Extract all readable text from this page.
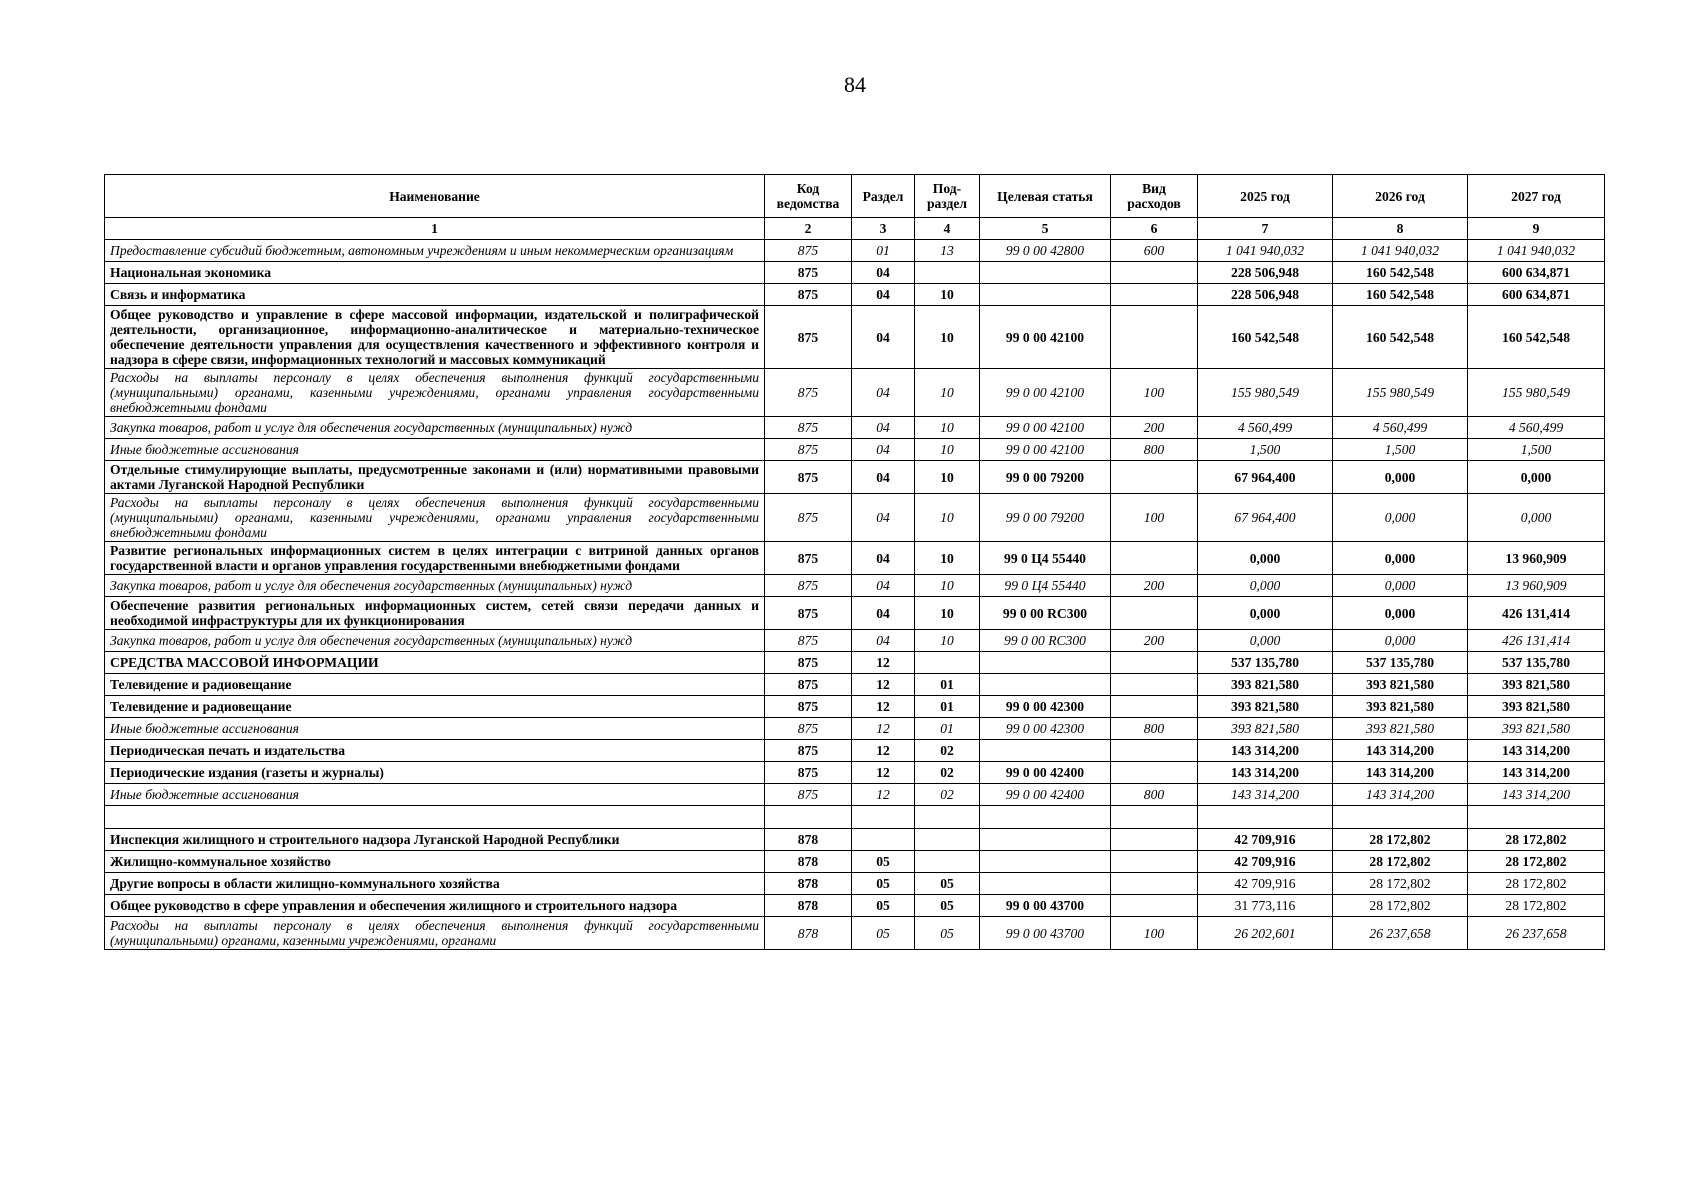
84
Наименование	Код ведомства	Раздел	Под-раздел	Целевая статья	Вид расходов	2025 год	2026 год	2027 год
1	2	3	4	5	6	7	8	9
Предоставление субсидий бюджетным, автономным учреждениям и иным некоммерческим организациям	875	01	13	99 0 00 42800	600	1 041 940,032	1 041 940,032	1 041 940,032
Национальная экономика	875	04				228 506,948	160 542,548	600 634,871
Связь и информатика	875	04	10			228 506,948	160 542,548	600 634,871
Общее руководство и управление в сфере массовой информации, издательской и полиграфической деятельности, организационное, информационно-аналитическое и материально-техническое обеспечение деятельности управления для осуществления качественного и эффективного контроля и надзора в сфере связи, информационных технологий и массовых коммуникаций	875	04	10	99 0 00 42100		160 542,548	160 542,548	160 542,548
Расходы на выплаты персоналу в целях обеспечения выполнения функций государственными (муниципальными) органами, казенными учреждениями, органами управления государственными внебюджетными фондами	875	04	10	99 0 00 42100	100	155 980,549	155 980,549	155 980,549
Закупка товаров, работ и услуг для обеспечения государственных (муниципальных) нужд	875	04	10	99 0 00 42100	200	4 560,499	4 560,499	4 560,499
Иные бюджетные ассигнования	875	04	10	99 0 00 42100	800	1,500	1,500	1,500
Отдельные стимулирующие выплаты, предусмотренные законами и (или) нормативными правовыми актами Луганской Народной Республики	875	04	10	99 0 00 79200		67 964,400	0,000	0,000
Расходы на выплаты персоналу в целях обеспечения выполнения функций государственными (муниципальными) органами, казенными учреждениями, органами управления государственными внебюджетными фондами	875	04	10	99 0 00 79200	100	67 964,400	0,000	0,000
Развитие региональных информационных систем в целях интеграции с витриной данных органов государственной власти и органов управления государственными внебюджетными фондами	875	04	10	99 0 Ц4 55440		0,000	0,000	13 960,909
Закупка товаров, работ и услуг для обеспечения государственных (муниципальных) нужд	875	04	10	99 0 Ц4 55440	200	0,000	0,000	13 960,909
Обеспечение развития региональных информационных систем, сетей связи передачи данных и необходимой инфраструктуры для их функционирования	875	04	10	99 0 00 RC300		0,000	0,000	426 131,414
Закупка товаров, работ и услуг для обеспечения государственных (муниципальных) нужд	875	04	10	99 0 00 RC300	200	0,000	0,000	426 131,414
СРЕДСТВА МАССОВОЙ ИНФОРМАЦИИ	875	12				537 135,780	537 135,780	537 135,780
Телевидение и радиовещание	875	12	01			393 821,580	393 821,580	393 821,580
Телевидение и радиовещание	875	12	01	99 0 00 42300		393 821,580	393 821,580	393 821,580
Иные бюджетные ассигнования	875	12	01	99 0 00 42300	800	393 821,580	393 821,580	393 821,580
Периодическая печать и издательства	875	12	02			143 314,200	143 314,200	143 314,200
Периодические издания (газеты и журналы)	875	12	02	99 0 00 42400		143 314,200	143 314,200	143 314,200
Иные бюджетные ассигнования	875	12	02	99 0 00 42400	800	143 314,200	143 314,200	143 314,200

Инспекция жилищного и строительного надзора Луганской Народной Республики	878					42 709,916	28 172,802	28 172,802
Жилищно-коммунальное хозяйство	878	05				42 709,916	28 172,802	28 172,802
Другие вопросы в области жилищно-коммунального хозяйства	878	05	05			42 709,916	28 172,802	28 172,802
Общее руководство в сфере управления и обеспечения жилищного и строительного надзора	878	05	05	99 0 00 43700		31 773,116	28 172,802	28 172,802
Расходы на выплаты персоналу в целях обеспечения выполнения функций государственными (муниципальными) органами, казенными учреждениями, органами	878	05	05	99 0 00 43700	100	26 202,601	26 237,658	26 237,658
